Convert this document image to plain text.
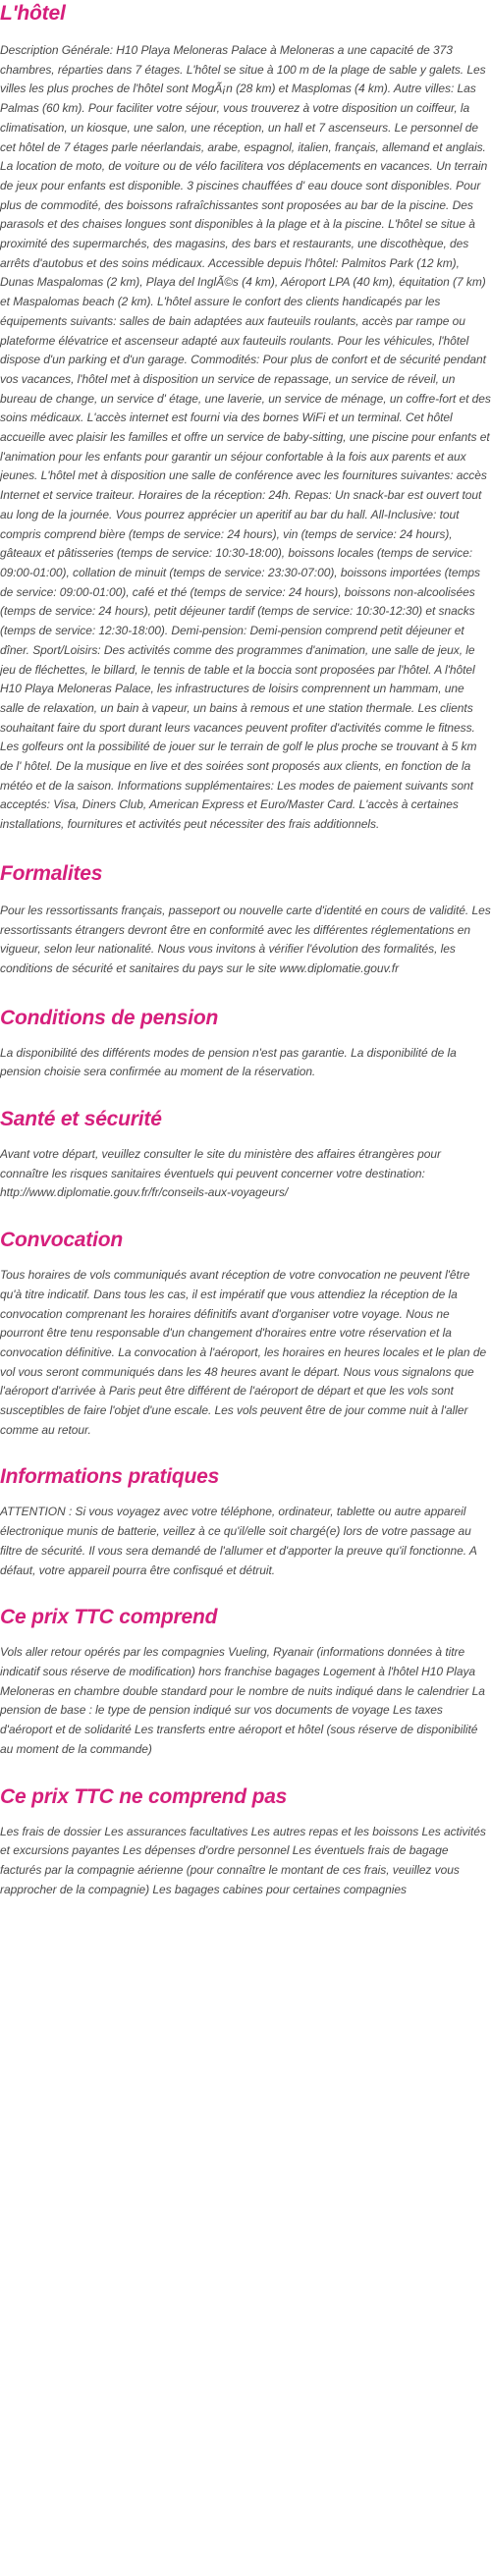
L'hôtel

Description Générale: H10 Playa Meloneras Palace à Meloneras a une capacité de 373 chambres, réparties dans 7 étages. L'hôtel se situe à 100 m de la plage de sable y galets. Les villes les plus proches de l'hôtel sont MogÃ¡n (28 km) et Masplomas (4 km). Autre villes: Las Palmas (60 km). Pour faciliter votre séjour, vous trouverez à votre disposition un coiffeur, la climatisation, un kiosque, une salon, une réception, un hall et 7 ascenseurs. Le personnel de cet hôtel de 7 étages parle néerlandais, arabe, espagnol, italien, français, allemand et anglais. La location de moto, de voiture ou de vélo facilitera vos déplacements en vacances. Un terrain de jeux pour enfants est disponible. 3 piscines chauffées d' eau douce sont disponibles. Pour plus de commodité, des boissons rafraîchissantes sont proposées au bar de la piscine. Des parasols et des chaises longues sont disponibles à la plage et à la piscine. L'hôtel se situe à proximité des supermarchés, des magasins, des bars et restaurants, une discothèque, des arrêts d'autobus et des soins médicaux. Accessible depuis l'hôtel: Palmitos Park (12 km), Dunas Maspalomas (2 km), Playa del InglÃ©s (4 km), Aéroport LPA (40 km), équitation (7 km) et Maspalomas beach (2 km). L'hôtel assure le confort des clients handicapés par les équipements suivants: salles de bain adaptées aux fauteuils roulants, accès par rampe ou plateforme élévatrice et ascenseur adapté aux fauteuils roulants. Pour les véhicules, l'hôtel dispose d'un parking et d'un garage. Commodités: Pour plus de confort et de sécurité pendant vos vacances, l'hôtel met à disposition un service de repassage, un service de réveil, un bureau de change, un service d' étage, une laverie, un service de ménage, un coffre-fort et des soins médicaux. L'accès internet est fourni via des bornes WiFi et un terminal. Cet hôtel accueille avec plaisir les familles et offre un service de baby-sitting, une piscine pour enfants et l'animation pour les enfants pour garantir un séjour confortable à la fois aux parents et aux jeunes. L'hôtel met à disposition une salle de conférence avec les fournitures suivantes: accès Internet et service traiteur. Horaires de la réception: 24h. Repas: Un snack-bar est ouvert tout au long de la journée. Vous pourrez apprécier un aperitif au bar du hall. All-Inclusive: tout compris comprend bière (temps de service: 24 hours), vin (temps de service: 24 hours), gâteaux et pâtisseries (temps de service: 10:30-18:00), boissons locales (temps de service: 09:00-01:00), collation de minuit (temps de service: 23:30-07:00), boissons importées (temps de service: 09:00-01:00), café et thé (temps de service: 24 hours), boissons non-alcoolisées (temps de service: 24 hours), petit déjeuner tardif (temps de service: 10:30-12:30) et snacks (temps de service: 12:30-18:00). Demi-pension: Demi-pension comprend petit déjeuner et dîner. Sport/Loisirs: Des activités comme des programmes d'animation, une salle de jeux, le jeu de fléchettes, le billard, le tennis de table et la boccia sont proposées par l'hôtel. A l'hôtel H10 Playa Meloneras Palace, les infrastructures de loisirs comprennent un hammam, une salle de relaxation, un bain à vapeur, un bains à remous et une station thermale. Les clients souhaitant faire du sport durant leurs vacances peuvent profiter d'activités comme le fitness. Les golfeurs ont la possibilité de jouer sur le terrain de golf le plus proche se trouvant à 5 km de l' hôtel. De la musique en live et des soirées sont proposés aux clients, en fonction de la météo et de la saison. Informations supplémentaires: Les modes de paiement suivants sont acceptés: Visa, Diners Club, American Express et Euro/Master Card. L'accès à certaines installations, fournitures et activités peut nécessiter des frais additionnels.

Formalites

Pour les ressortissants français, passeport ou nouvelle carte d'identité en cours de validité. Les ressortissants étrangers devront être en conformité avec les différentes réglementations en vigueur, selon leur nationalité. Nous vous invitons à vérifier l'évolution des formalités, les conditions de sécurité et sanitaires du pays sur le site www.diplomatie.gouv.fr

Conditions de pension

La disponibilité des différents modes de pension n'est pas garantie. La disponibilité de la pension choisie sera confirmée au moment de la réservation.

Santé et sécurité

Avant votre départ, veuillez consulter le site du ministère des affaires étrangères pour connaître les risques sanitaires éventuels qui peuvent concerner votre destination: http://www.diplomatie.gouv.fr/fr/conseils-aux-voyageurs/

Convocation

Tous horaires de vols communiqués avant réception de votre convocation ne peuvent l'être qu'à titre indicatif. Dans tous les cas, il est impératif que vous attendiez la réception de la convocation comprenant les horaires définitifs avant d'organiser votre voyage. Nous ne pourront être tenu responsable d'un changement d'horaires entre votre réservation et la convocation définitive. La convocation à l'aéroport, les horaires en heures locales et le plan de vol vous seront communiqués dans les 48 heures avant le départ. Nous vous signalons que l'aéroport d'arrivée à Paris peut être différent de l'aéroport de départ et que les vols sont susceptibles de faire l'objet d'une escale. Les vols peuvent être de jour comme nuit à l'aller comme au retour.

Informations pratiques

ATTENTION : Si vous voyagez avec votre téléphone, ordinateur, tablette ou autre appareil électronique munis de batterie, veillez à ce qu'il/elle soit chargé(e) lors de votre passage au filtre de sécurité. Il vous sera demandé de l'allumer et d'apporter la preuve qu'il fonctionne. A défaut, votre appareil pourra être confisqué et détruit.

Ce prix TTC comprend

Vols aller retour opérés par les compagnies Vueling, Ryanair (informations données à titre indicatif sous réserve de modification) hors franchise bagages Logement à l'hôtel H10 Playa Meloneras en chambre double standard pour le nombre de nuits indiqué dans le calendrier La pension de base : le type de pension indiqué sur vos documents de voyage Les taxes d'aéroport et de solidarité Les transferts entre aéroport et hôtel (sous réserve de disponibilité au moment de la commande)

Ce prix TTC ne comprend pas

Les frais de dossier Les assurances facultatives Les autres repas et les boissons Les activités et excursions payantes Les dépenses d'ordre personnel Les éventuels frais de bagage facturés par la compagnie aérienne (pour connaître le montant de ces frais, veuillez vous rapprocher de la compagnie) Les bagages cabines pour certaines compagnies
